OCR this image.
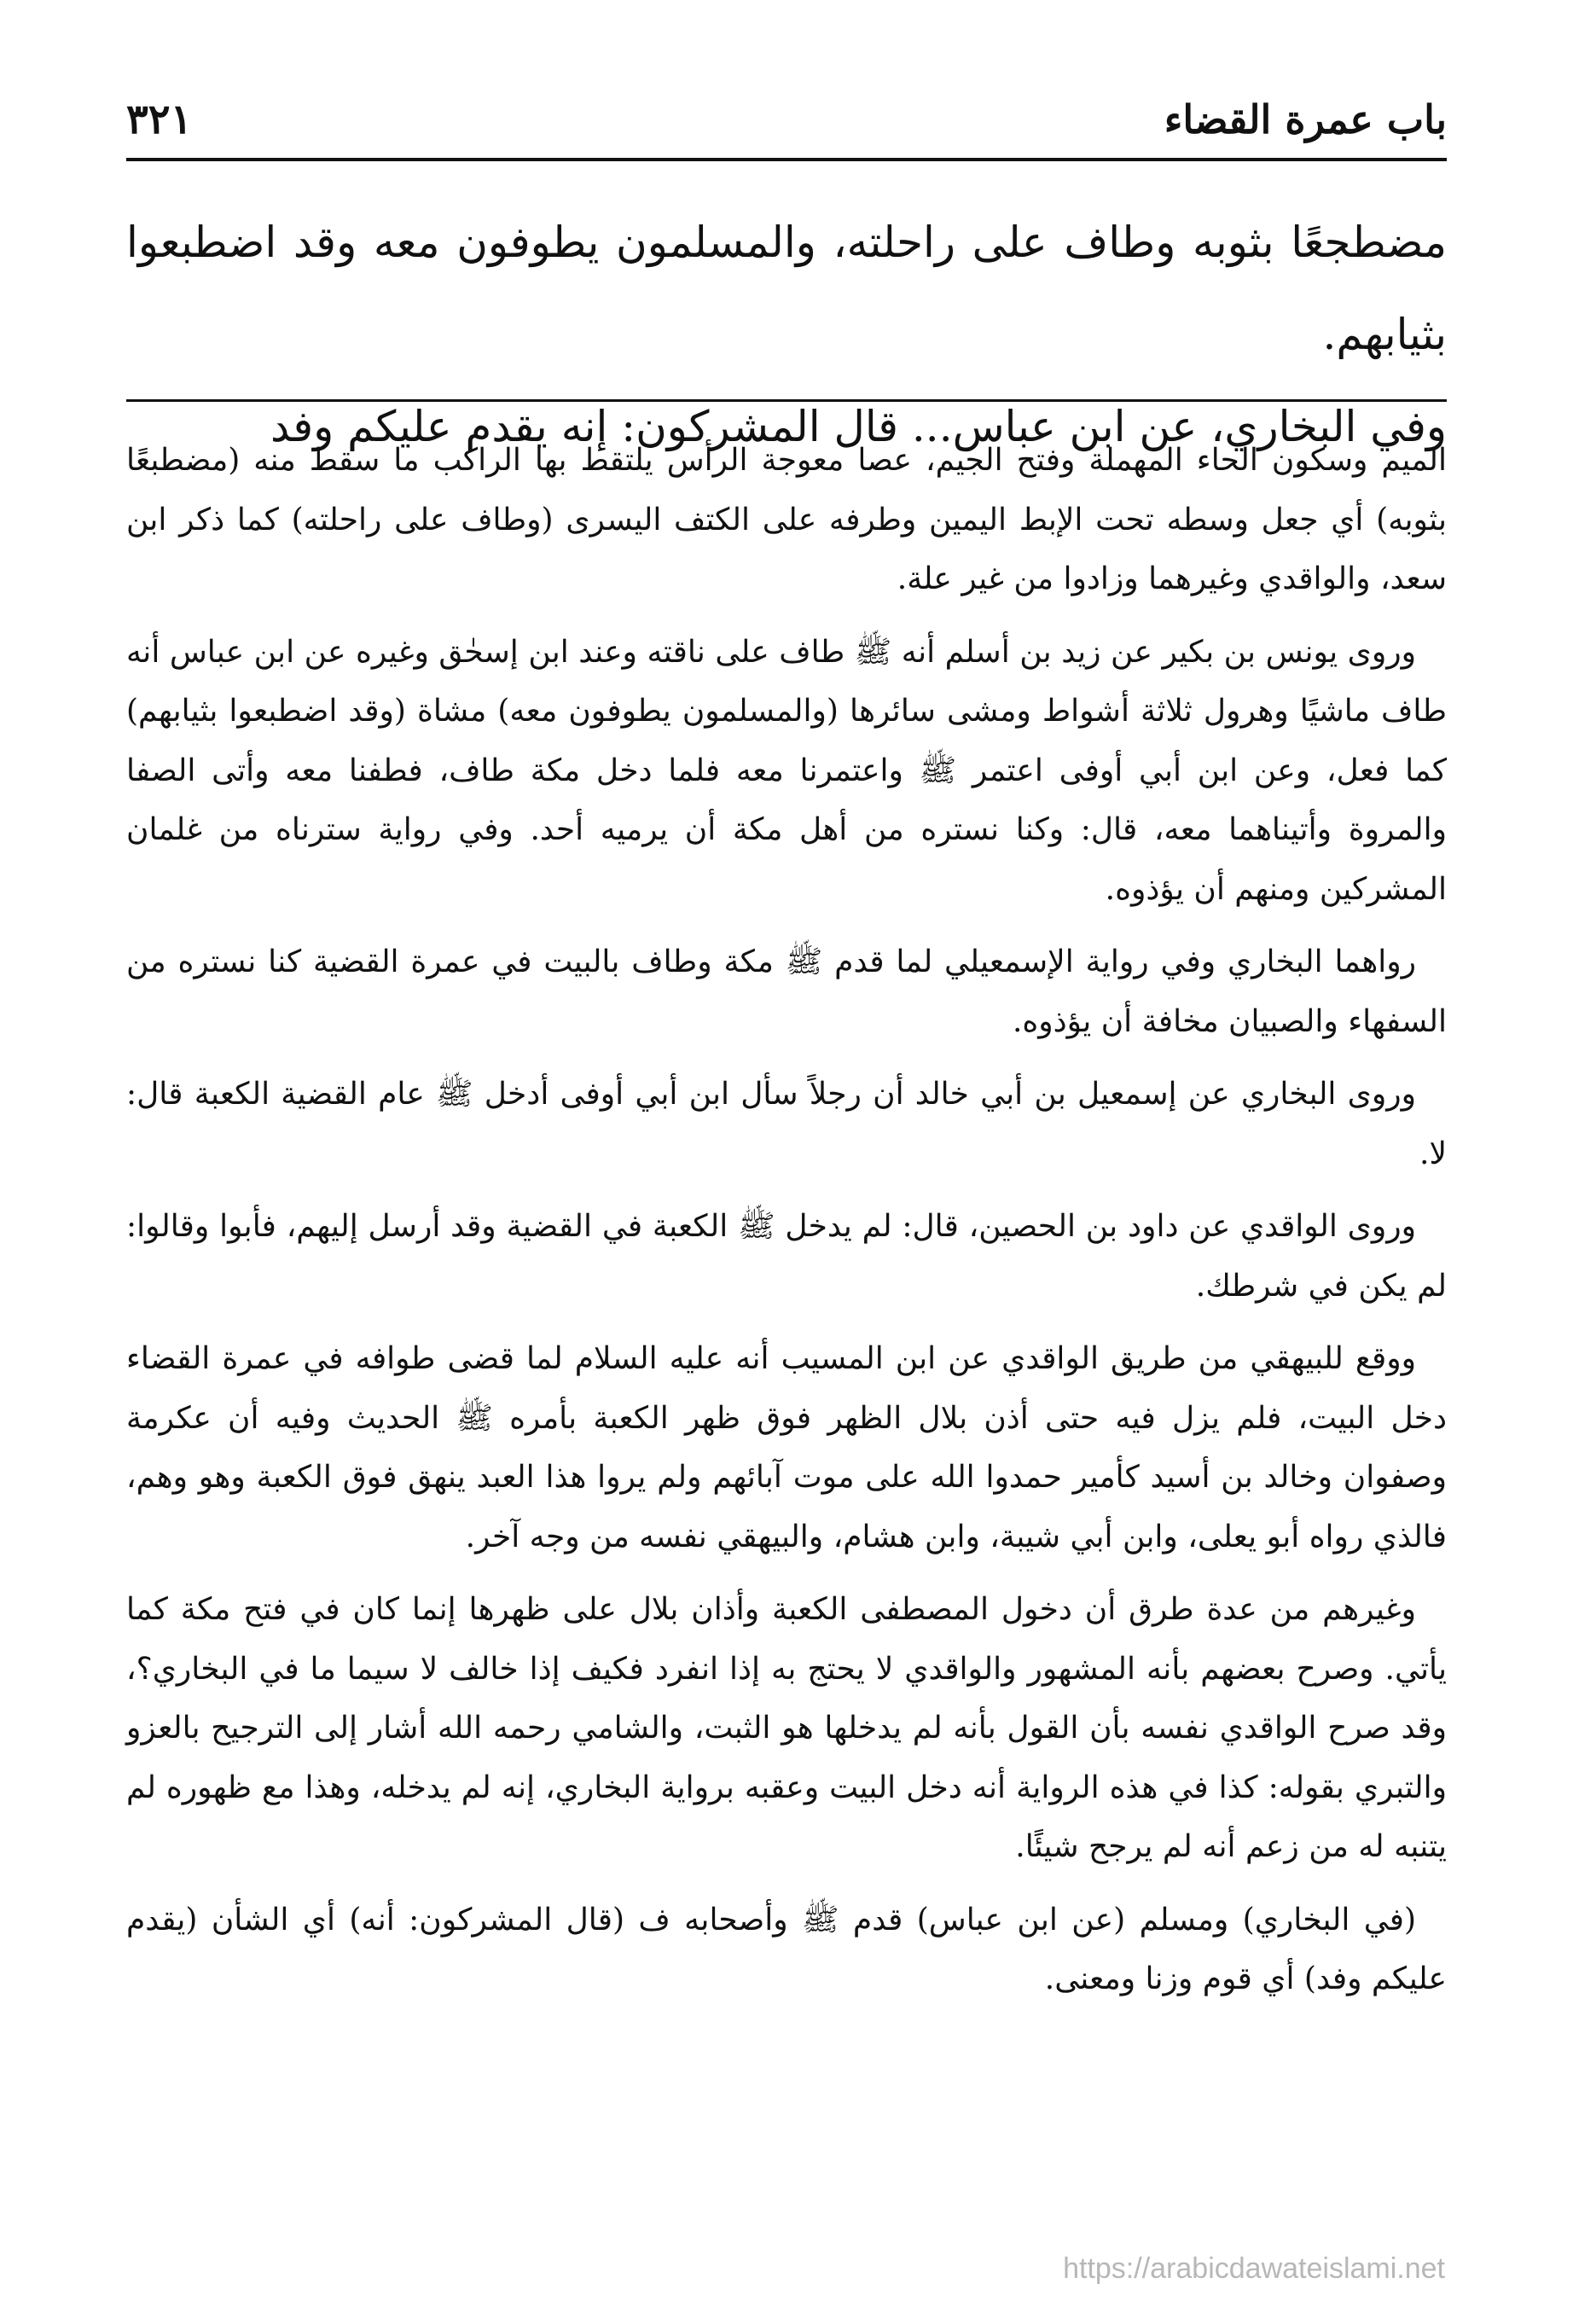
باب عمرة القضاء
٣٢١

مضطجعًا بثوبه وطاف على راحلته، والمسلمون يطوفون معه وقد اضطبعوا بثيابهم.

وفي البخاري، عن ابن عباس... قال المشركون: إنه يقدم عليكم وفد

الميم وسكون الحاء المهملة وفتح الجيم، عصا معوجة الرأس يلتقط بها الراكب ما سقط منه (مضطبعًا بثوبه) أي جعل وسطه تحت الإبط اليمين وطرفه على الكتف اليسرى (وطاف على راحلته) كما ذكر ابن سعد، والواقدي وغيرهما وزادوا من غير علة.

وروى يونس بن بكير عن زيد بن أسلم أنه ﷺ طاف على ناقته وعند ابن إسحٰق وغيره عن ابن عباس أنه طاف ماشيًا وهرول ثلاثة أشواط ومشى سائرها (والمسلمون يطوفون معه) مشاة (وقد اضطبعوا بثيابهم) كما فعل، وعن ابن أبي أوفى اعتمر ﷺ واعتمرنا معه فلما دخل مكة طاف، فطفنا معه وأتى الصفا والمروة وأتيناهما معه، قال: وكنا نستره من أهل مكة أن يرميه أحد. وفي رواية سترناه من غلمان المشركين ومنهم أن يؤذوه.

رواهما البخاري وفي رواية الإسمعيلي لما قدم ﷺ مكة وطاف بالبيت في عمرة القضية كنا نستره من السفهاء والصبيان مخافة أن يؤذوه.

وروى البخاري عن إسمعيل بن أبي خالد أن رجلاً سأل ابن أبي أوفى أدخل ﷺ عام القضية الكعبة قال: لا.

وروى الواقدي عن داود بن الحصين، قال: لم يدخل ﷺ الكعبة في القضية وقد أرسل إليهم، فأبوا وقالوا: لم يكن في شرطك.

ووقع للبيهقي من طريق الواقدي عن ابن المسيب أنه عليه السلام لما قضى طوافه في عمرة القضاء دخل البيت، فلم يزل فيه حتى أذن بلال الظهر فوق ظهر الكعبة بأمره ﷺ الحديث وفيه أن عكرمة وصفوان وخالد بن أسيد كأمير حمدوا الله على موت آبائهم ولم يروا هذا العبد ينهق فوق الكعبة وهو وهم، فالذي رواه أبو يعلى، وابن أبي شيبة، وابن هشام، والبيهقي نفسه من وجه آخر.

وغيرهم من عدة طرق أن دخول المصطفى الكعبة وأذان بلال على ظهرها إنما كان في فتح مكة كما يأتي. وصرح بعضهم بأنه المشهور والواقدي لا يحتج به إذا انفرد فكيف إذا خالف لا سيما ما في البخاري؟، وقد صرح الواقدي نفسه بأن القول بأنه لم يدخلها هو الثبت، والشامي رحمه الله أشار إلى الترجيح بالعزو والتبري بقوله: كذا في هذه الرواية أنه دخل البيت وعقبه برواية البخاري، إنه لم يدخله، وهذا مع ظهوره لم يتنبه له من زعم أنه لم يرجح شيئًا.

(في البخاري) ومسلم (عن ابن عباس) قدم ﷺ وأصحابه ف (قال المشركون: أنه) أي الشأن (يقدم عليكم وفد) أي قوم وزنا ومعنى.

https://arabicdawateislami.net
